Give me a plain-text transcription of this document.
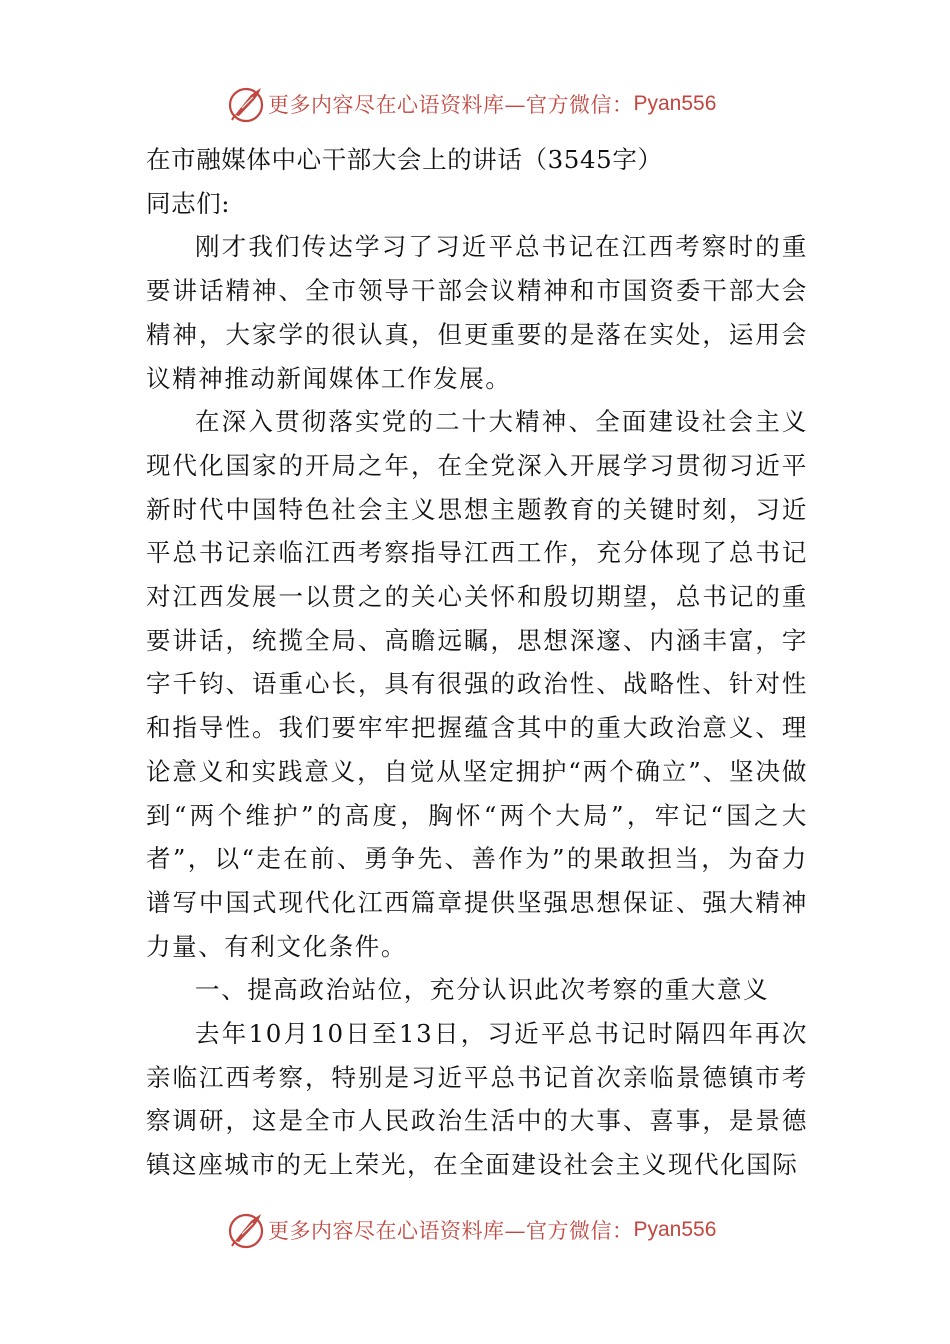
更多内容尽在心语资料库—官方微信： Pyan556

在市融媒体中心干部大会上的讲话（3545字）

同志们:

刚才我们传达学习了习近平总书记在江西考察时的重要讲话精神、全市领导干部会议精神和市国资委干部大会精神，大家学的很认真，但更重要的是落在实处，运用会议精神推动新闻媒体工作发展。

在深入贯彻落实党的二十大精神、全面建设社会主义现代化国家的开局之年，在全党深入开展学习贯彻习近平新时代中国特色社会主义思想主题教育的关键时刻，习近平总书记亲临江西考察指导江西工作，充分体现了总书记对江西发展一以贯之的关心关怀和殷切期望，总书记的重要讲话，统揽全局、高瞻远瞩，思想深邃、内涵丰富，字字千钧、语重心长，具有很强的政治性、战略性、针对性和指导性。我们要牢牢把握蕴含其中的重大政治意义、理论意义和实践意义，自觉从坚定拥护“两个确立”、坚决做到“两个维护”的高度，胸怀“两个大局”，牢记“国之大者”，以“走在前、勇争先、善作为”的果敢担当，为奋力谱写中国式现代化江西篇章提供坚强思想保证、强大精神力量、有利文化条件。

一、提高政治站位，充分认识此次考察的重大意义

去年10月10日至13日，习近平总书记时隔四年再次亲临江西考察，特别是习近平总书记首次亲临景德镇市考察调研，这是全市人民政治生活中的大事、喜事，是景德镇这座城市的无上荣光，在全面建设社会主义现代化国际

更多内容尽在心语资料库—官方微信： Pyan556
